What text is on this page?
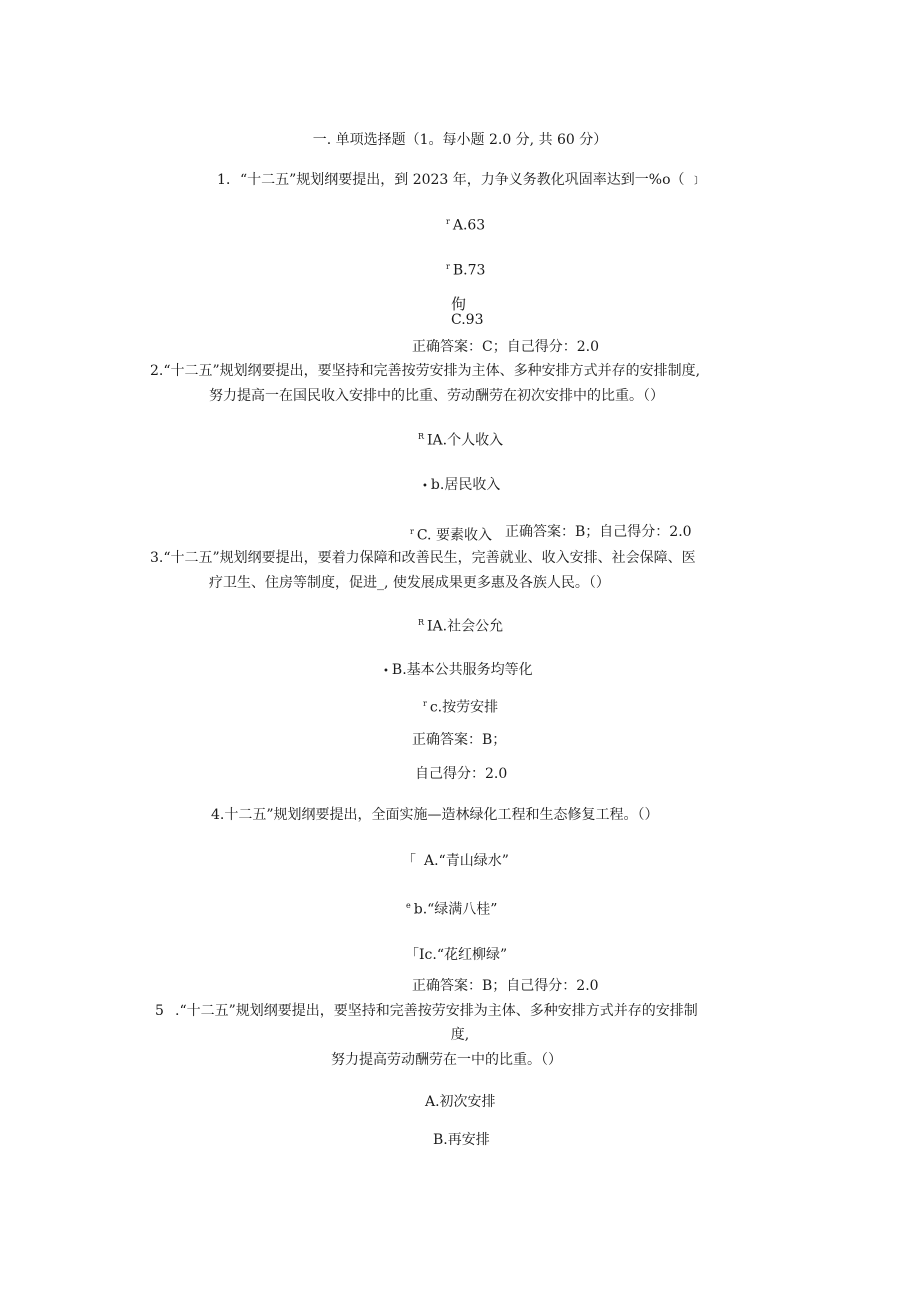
一. 单项选择题（1。每小题 2.0 分, 共 60 分）
1．“十二五”规划纲要提出，到 2023 年，力争义务教化巩固率达到一%o（ ﹞
$^r$ A.63
$^r$ B.73
佝
C.93
正确答案：C；自己得分：2.0
2.“十二五”规划纲要提出，要坚持和完善按劳安排为主体、多种安排方式并存的安排制度,
努力提高一在国民收入安排中的比重、劳动酬劳在初次安排中的比重。（）
$^R$ IA.个人收入
• b.居民收入
$^r$ C. 要素收入 正确答案：B；自己得分：2.0
3.“十二五”规划纲要提出，要着力保障和改善民生，完善就业、收入安排、社会保障、医
疗卫生、住房等制度，促进_, 使发展成果更多惠及各族人民。（）
$^R$ IA.社会公允
• B.基本公共服务均等化
$^r$ c.按劳安排
正确答案：B；
自己得分：2.0
4.十二五”规划纲要提出，全面实施—造林绿化工程和生态修复工程。（）
「 A.“青山绿水”
$^e$ b.“绿满八桂”
「Ic.“花红柳绿”
正确答案：B；自己得分：2.0
5 .“十二五”规划纲要提出，要坚持和完善按劳安排为主体、多种安排方式并存的安排制
度,
努力提高劳动酬劳在一中的比重。（）
A.初次安排
B.再安排
